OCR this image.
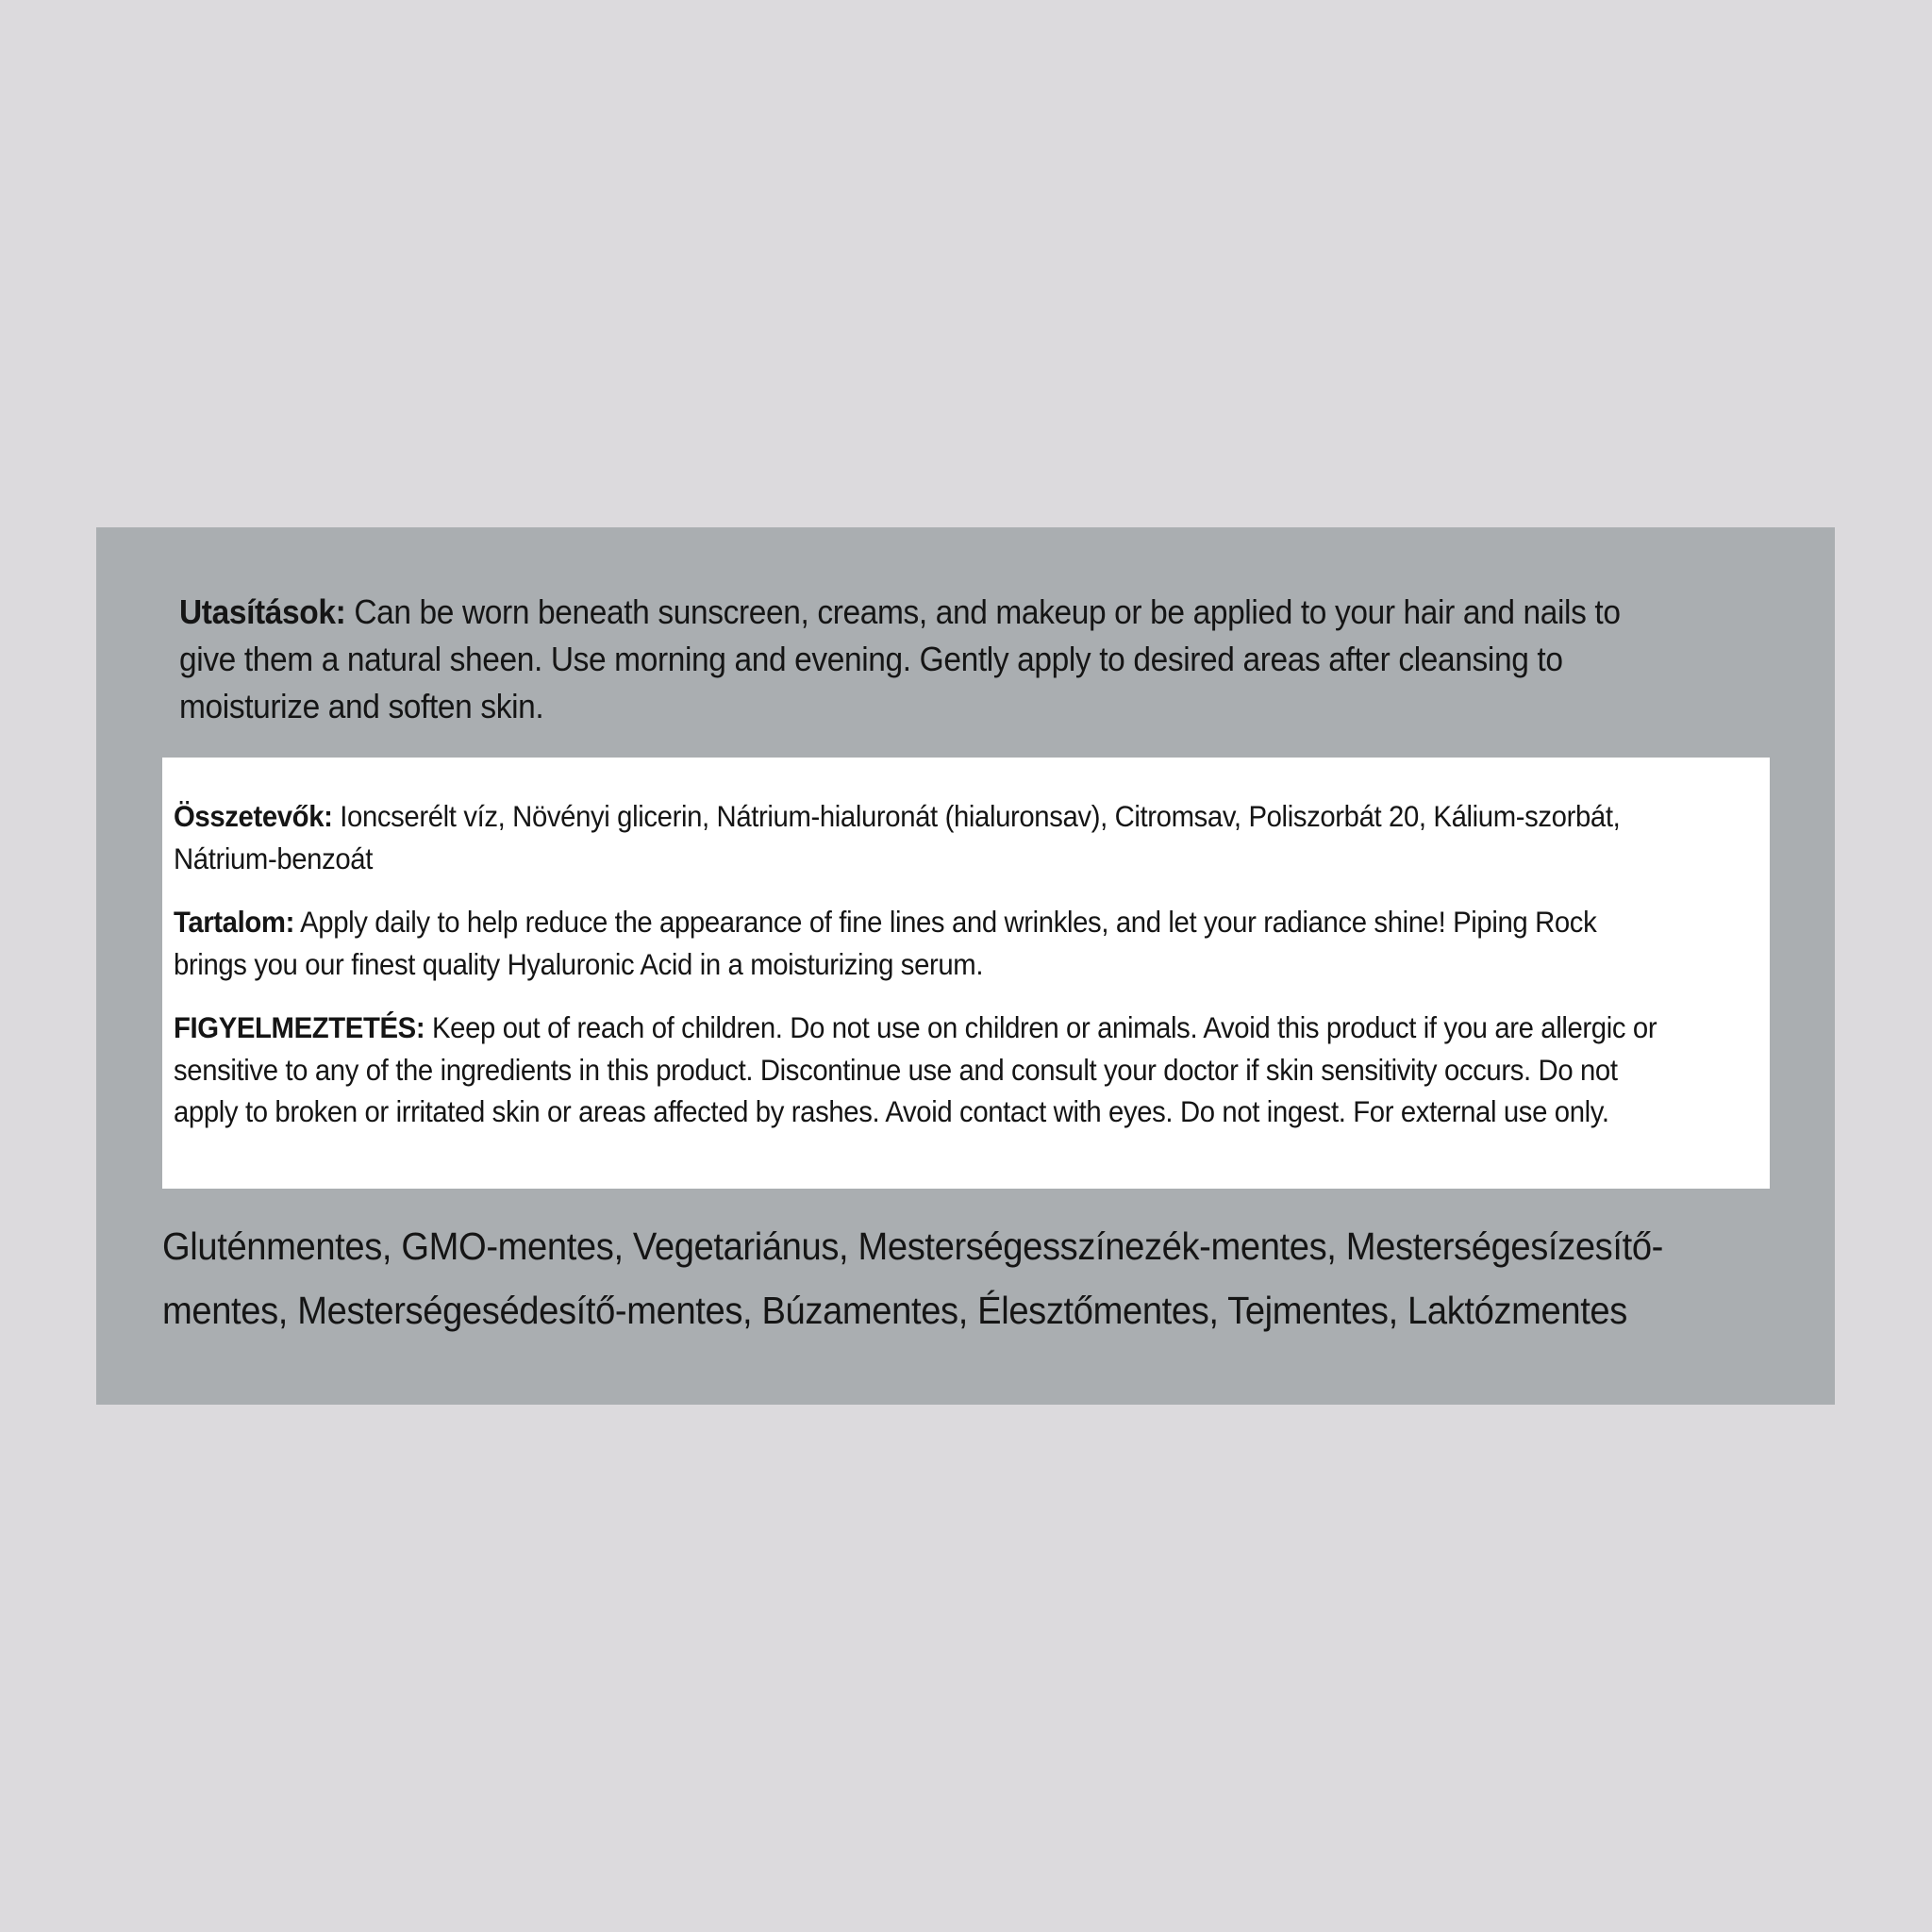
Utasítások: Can be worn beneath sunscreen, creams, and makeup or be applied to your hair and nails to give them a natural sheen. Use morning and evening. Gently apply to desired areas after cleansing to moisturize and soften skin.

Összetevők: Ioncserélt víz, Növényi glicerin, Nátrium-hialuronát (hialuronsav), Citromsav, Poliszorbát 20, Kálium-szorbát, Nátrium-benzoát

Tartalom: Apply daily to help reduce the appearance of fine lines and wrinkles, and let your radiance shine! Piping Rock brings you our finest quality Hyaluronic Acid in a moisturizing serum.

FIGYELMEZTETÉS: Keep out of reach of children. Do not use on children or animals. Avoid this product if you are allergic or sensitive to any of the ingredients in this product. Discontinue use and consult your doctor if skin sensitivity occurs. Do not apply to broken or irritated skin or areas affected by rashes. Avoid contact with eyes. Do not ingest. For external use only.

Gluténmentes, GMO-mentes, Vegetariánus, Mesterségesszínezék-mentes, Mesterségesízesítő-mentes, Mesterségesédesítő-mentes, Búzamentes, Élesztőmentes, Tejmentes, Laktózmentes
